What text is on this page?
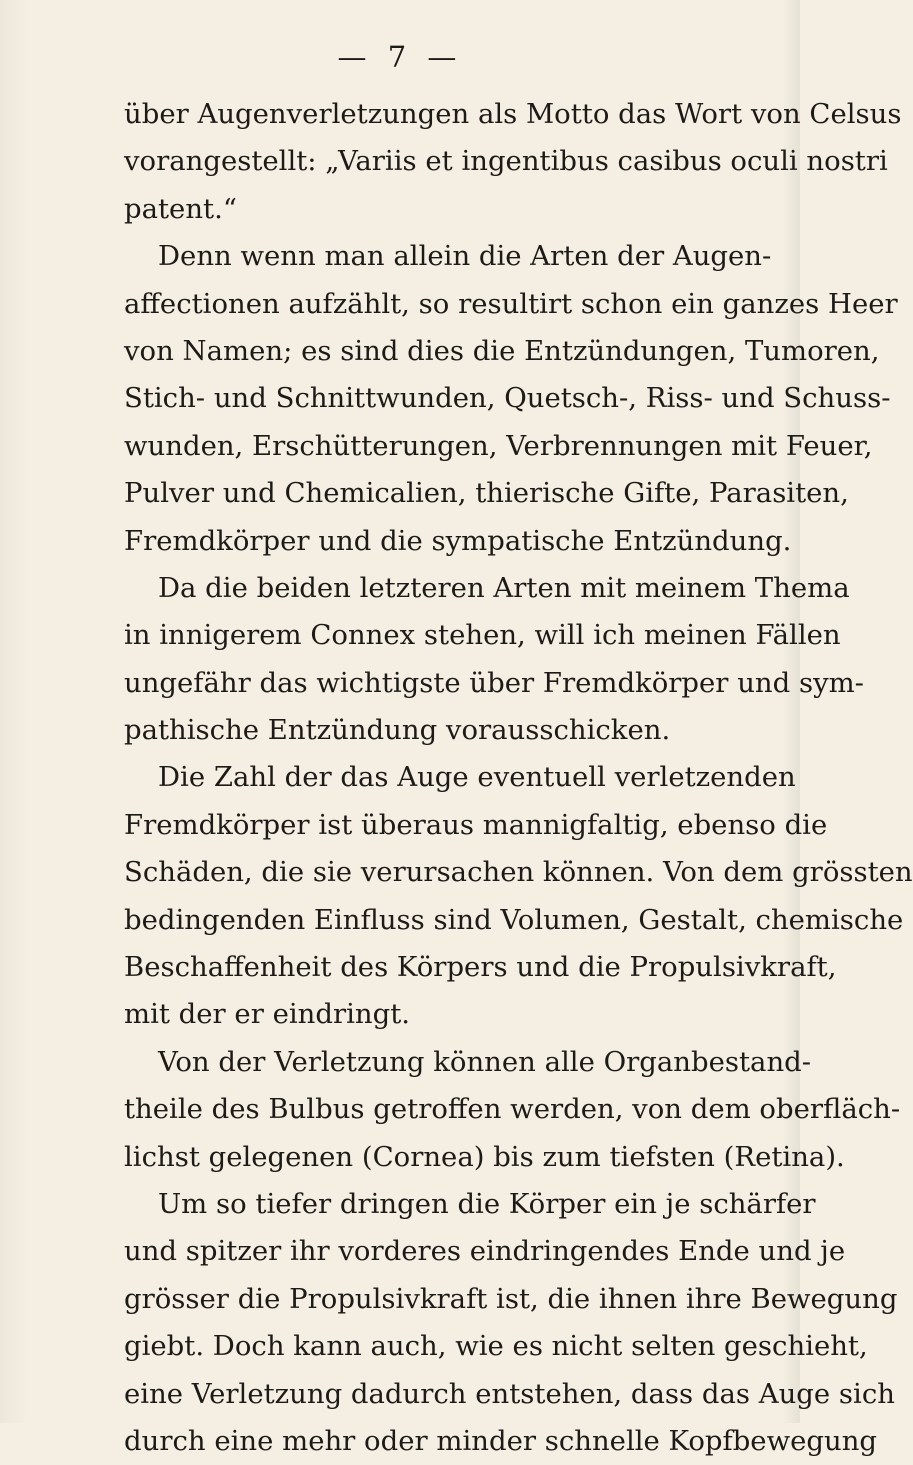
— 7 —
über Augenverletzungen als Motto das Wort von Celsus
vorangestellt: „Variis et ingentibus casibus oculi nostri
patent.“
Denn wenn man allein die Arten der Augen-
affectionen aufzählt, so resultirt schon ein ganzes Heer
von Namen; es sind dies die Entzündungen, Tumoren,
Stich- und Schnittwunden, Quetsch-, Riss- und Schuss-
wunden, Erschütterungen, Verbrennungen mit Feuer,
Pulver und Chemicalien, thierische Gifte, Parasiten,
Fremdkörper und die sympatische Entzündung.
Da die beiden letzteren Arten mit meinem Thema
in innigerem Connex stehen, will ich meinen Fällen
ungefähr das wichtigste über Fremdkörper und sym-
pathische Entzündung vorausschicken.
Die Zahl der das Auge eventuell verletzenden
Fremdkörper ist überaus mannigfaltig, ebenso die
Schäden, die sie verursachen können. Von dem grössten
bedingenden Einfluss sind Volumen, Gestalt, chemische
Beschaffenheit des Körpers und die Propulsivkraft,
mit der er eindringt.
Von der Verletzung können alle Organbestand-
theile des Bulbus getroffen werden, von dem oberfläch-
lichst gelegenen (Cornea) bis zum tiefsten (Retina).
Um so tiefer dringen die Körper ein je schärfer
und spitzer ihr vorderes eindringendes Ende und je
grösser die Propulsivkraft ist, die ihnen ihre Bewegung
giebt. Doch kann auch, wie es nicht selten geschieht,
eine Verletzung dadurch entstehen, dass das Auge sich
durch eine mehr oder minder schnelle Kopfbewegung
